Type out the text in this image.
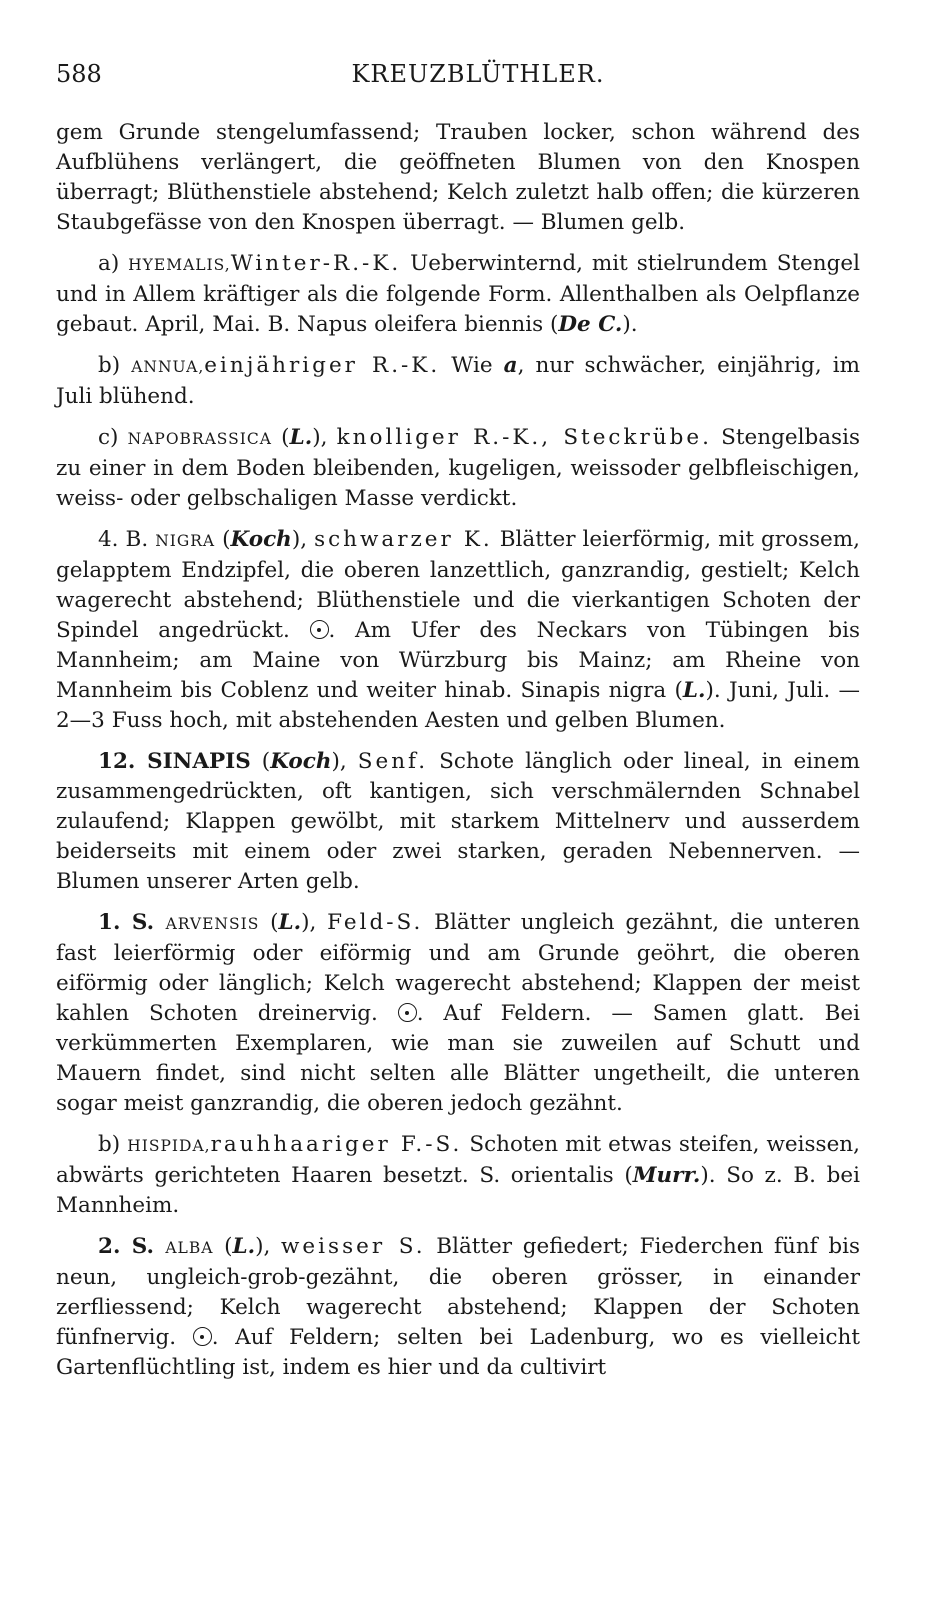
588	KREUZBLÜTHLER.

gem Grunde stengelumfassend; Trauben locker, schon während des Aufblühens verlängert, die geöffneten Blumen von den Knospen überragt; Blüthenstiele abstehend; Kelch zuletzt halb offen; die kürzeren Staubgefässe von den Knospen überragt. — Blumen gelb.

a) HYEMALIS,Winter-R.-K. Ueberwinternd, mit stielrundem Stengel und in Allem kräftiger als die folgende Form. Allenthalben als Oelpflanze gebaut. April, Mai. B. Napus oleifera biennis (De C.).

b) ANNUA,einjähriger R.-K. Wie a, nur schwächer, einjährig, im Juli blühend.

c) NAPOBRASSICA (L.), knolliger R.-K., Steckrübe. Stengelbasis zu einer in dem Boden bleibenden, kugeligen, weissoder gelbfleischigen, weiss- oder gelbschaligen Masse verdickt.

4. B. NIGRA (Koch), schwarzer K. Blätter leierförmig, mit grossem, gelapptem Endzipfel, die oberen lanzettlich, ganzrandig, gestielt; Kelch wagerecht abstehend; Blüthenstiele und die vierkantigen Schoten der Spindel angedrückt. . Am Ufer des Neckars von Tübingen bis Mannheim; am Maine von Würzburg bis Mainz; am Rheine von Mannheim bis Coblenz und weiter hinab. Sinapis nigra (L.). Juni, Juli. — 2—3 Fuss hoch, mit abstehenden Aesten und gelben Blumen.

12. SINAPIS (Koch), Senf. Schote länglich oder lineal, in einem zusammengedrückten, oft kantigen, sich verschmälernden Schnabel zulaufend; Klappen gewölbt, mit starkem Mittelnerv und ausserdem beiderseits mit einem oder zwei starken, geraden Nebennerven. — Blumen unserer Arten gelb.

1. S. ARVENSIS (L.), Feld-S. Blätter ungleich gezähnt, die unteren fast leierförmig oder eiförmig und am Grunde geöhrt, die oberen eiförmig oder länglich; Kelch wagerecht abstehend; Klappen der meist kahlen Schoten dreinervig. . Auf Feldern. — Samen glatt. Bei verkümmerten Exemplaren, wie man sie zuweilen auf Schutt und Mauern findet, sind nicht selten alle Blätter ungetheilt, die unteren sogar meist ganzrandig, die oberen jedoch gezähnt.

b) HISPIDA,rauhhaariger F.-S. Schoten mit etwas steifen, weissen, abwärts gerichteten Haaren besetzt. S. orientalis (Murr.). So z. B. bei Mannheim.

2. S. ALBA (L.), weisser S. Blätter gefiedert; Fiederchen fünf bis neun, ungleich-grob-gezähnt, die oberen grösser, in einander zerfliessend; Kelch wagerecht abstehend; Klappen der Schoten fünfnervig. . Auf Feldern; selten bei Ladenburg, wo es vielleicht Gartenflüchtling ist, indem es hier und da cultivirt
